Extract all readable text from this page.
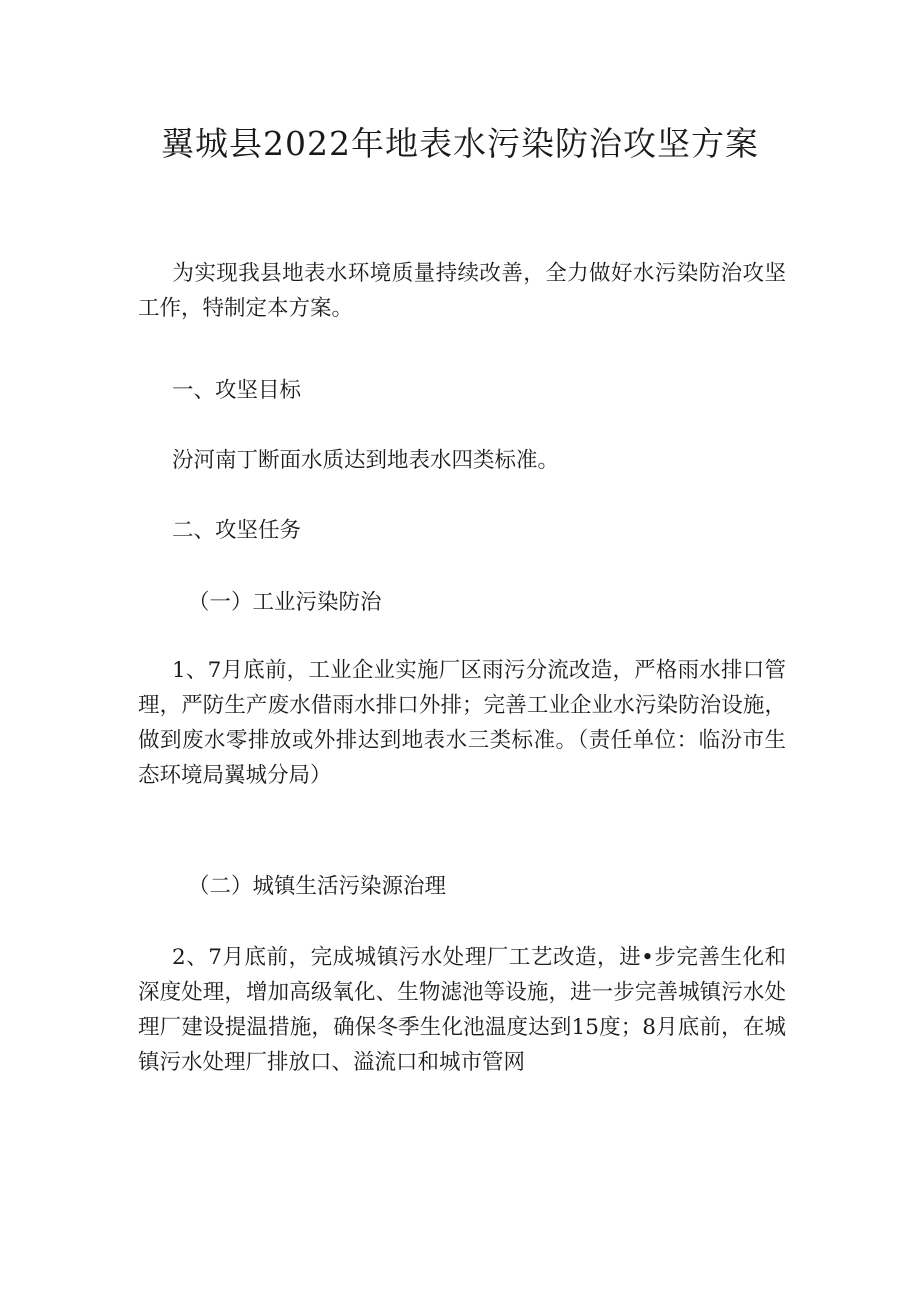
翼城县2022年地表水污染防治攻坚方案

为实现我县地表水环境质量持续改善，全力做好水污染防治攻坚工作，特制定本方案。

一、攻坚目标

汾河南丁断面水质达到地表水四类标准。

二、攻坚任务

（一）工业污染防治

1、7月底前，工业企业实施厂区雨污分流改造，严格雨水排口管理，严防生产废水借雨水排口外排；完善工业企业水污染防治设施，做到废水零排放或外排达到地表水三类标准。（责任单位：临汾市生态环境局翼城分局）

（二）城镇生活污染源治理

2、7月底前，完成城镇污水处理厂工艺改造，进•步完善生化和深度处理，增加高级氧化、生物滤池等设施，进一步完善城镇污水处理厂建设提温措施，确保冬季生化池温度达到15度；8月底前，在城镇污水处理厂排放口、溢流口和城市管网
